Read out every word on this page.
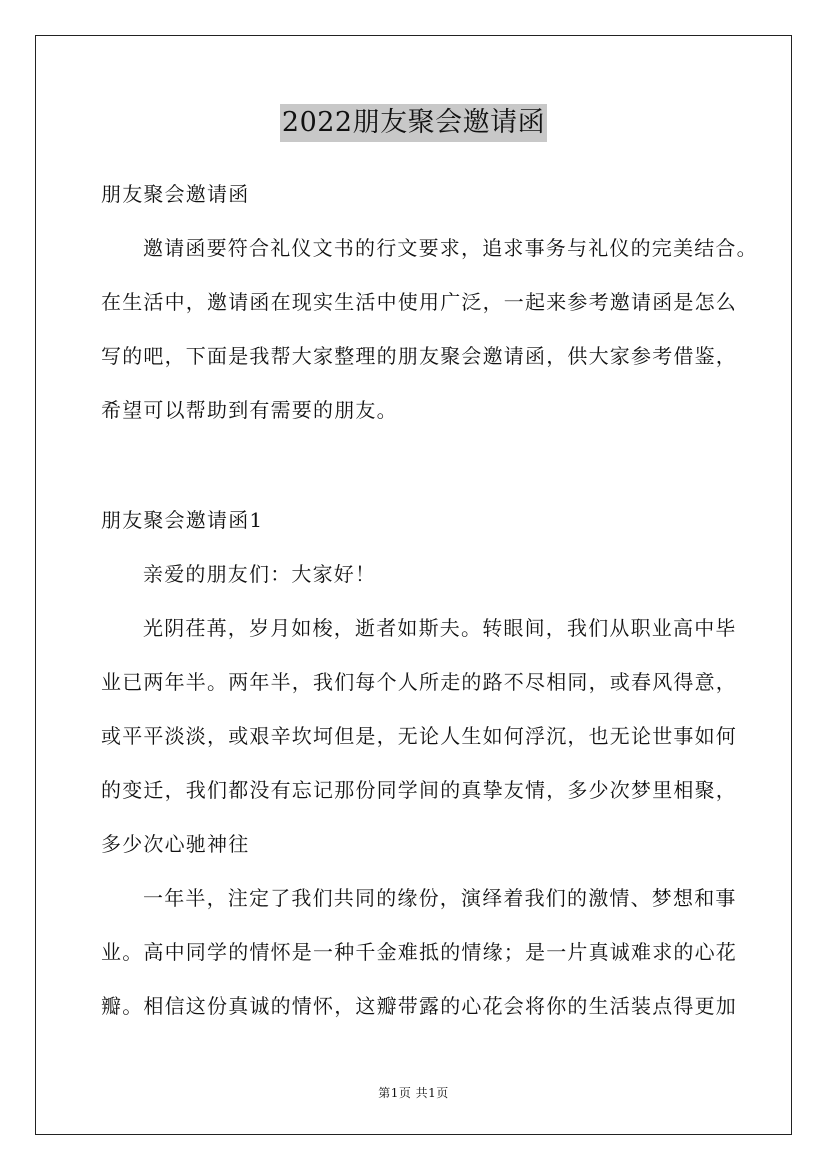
2022朋友聚会邀请函
朋友聚会邀请函
邀请函要符合礼仪文书的行文要求，追求事务与礼仪的完美结合。
在生活中，邀请函在现实生活中使用广泛，一起来参考邀请函是怎么
写的吧，下面是我帮大家整理的朋友聚会邀请函，供大家参考借鉴，
希望可以帮助到有需要的朋友。
朋友聚会邀请函1
亲爱的朋友们：大家好！
光阴荏苒，岁月如梭，逝者如斯夫。转眼间，我们从职业高中毕
业已两年半。两年半，我们每个人所走的路不尽相同，或春风得意，
或平平淡淡，或艰辛坎坷但是，无论人生如何浮沉，也无论世事如何
的变迁，我们都没有忘记那份同学间的真挚友情，多少次梦里相聚，
多少次心驰神往
一年半，注定了我们共同的缘份，演绎着我们的激情、梦想和事
业。高中同学的情怀是一种千金难抵的情缘；是一片真诚难求的心花
瓣。相信这份真诚的情怀，这瓣带露的心花会将你的生活装点得更加
第1页 共1页
